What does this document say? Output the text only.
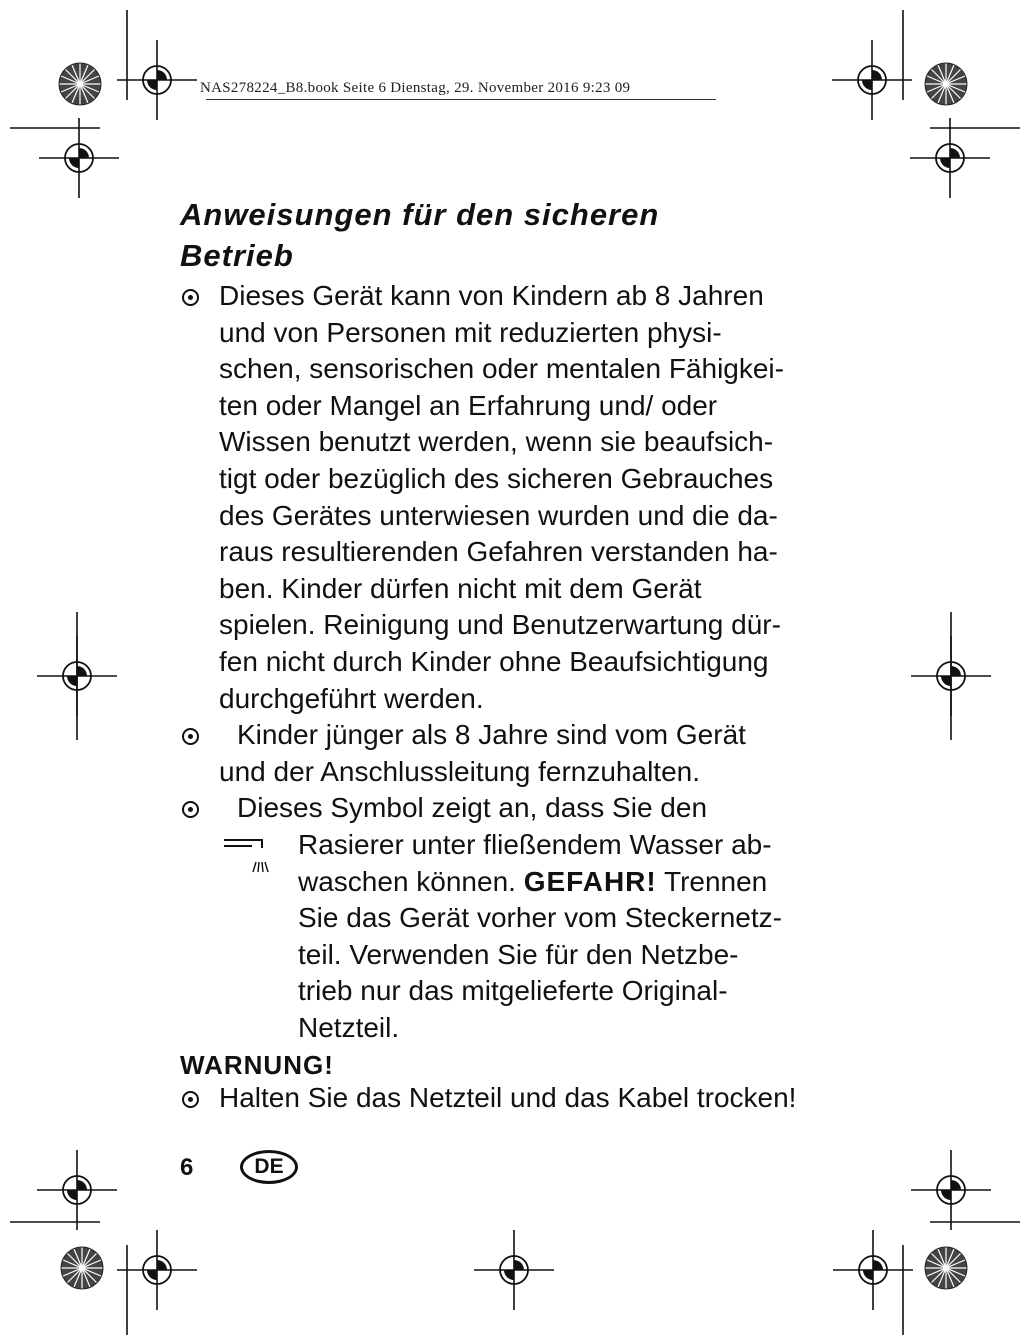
NAS278224_B8.book Seite 6 Dienstag, 29. November 2016 9:23 09
Anweisungen für den sicheren
Betrieb
Dieses Gerät kann von Kindern ab 8 Jahren
und von Personen mit reduzierten physi-
schen, sensorischen oder mentalen Fähigkei-
ten oder Mangel an Erfahrung und/ oder
Wissen benutzt werden, wenn sie beaufsich-
tigt oder bezüglich des sicheren Gebrauches
des Gerätes unterwiesen wurden und die da-
raus resultierenden Gefahren verstanden ha-
ben. Kinder dürfen nicht mit dem Gerät
spielen. Reinigung und Benutzerwartung dür-
fen nicht durch Kinder ohne Beaufsichtigung
durchgeführt werden.
Kinder jünger als 8 Jahre sind vom Gerät
und der Anschlussleitung fernzuhalten.
Dieses Symbol zeigt an, dass Sie den
Rasierer unter fließendem Wasser ab-
waschen können. GEFAHR! Trennen
Sie das Gerät vorher vom Steckernetz-
teil. Verwenden Sie für den Netzbe-
trieb nur das mitgelieferte Original-
Netzteil.
WARNUNG!
Halten Sie das Netzteil und das Kabel trocken!
6	DE
